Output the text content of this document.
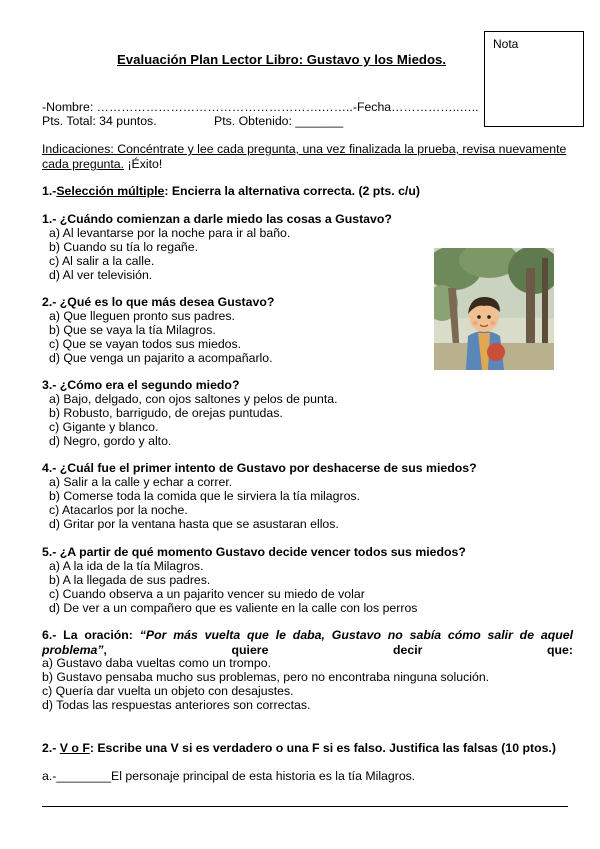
Nota
Evaluación Plan Lector Libro: Gustavo y los Miedos.
-Nombre: ……………………………………………….……..-Fecha……………..…..
Pts. Total: 34 puntos.	Pts. Obtenido: _______
Indicaciones: Concéntrate y lee cada pregunta, una vez finalizada la prueba, revisa nuevamente cada pregunta. ¡Éxito!
1.-Selección múltiple: Encierra la alternativa correcta. (2 pts. c/u)
1.- ¿Cuándo comienzan a darle miedo las cosas a Gustavo?
a) Al levantarse por la noche para ir al baño.
b) Cuando su tía lo regañe.
c) Al salir a la calle.
d) Al ver televisión.
2.- ¿Qué es lo que más desea Gustavo?
a) Que lleguen pronto sus padres.
b) Que se vaya la tía Milagros.
c) Que se vayan todos sus miedos.
d) Que venga un pajarito a acompañarlo.
3.- ¿Cómo era el segundo miedo?
a) Bajo, delgado, con ojos saltones y pelos de punta.
b) Robusto, barrigudo, de orejas puntudas.
c) Gigante y blanco.
d) Negro, gordo y alto.
4.- ¿Cuál fue el primer intento de Gustavo por deshacerse de sus miedos?
a) Salir a la calle y echar a correr.
b) Comerse toda la comida que le sirviera la tía milagros.
c) Atacarlos por la noche.
d) Gritar por la ventana hasta que se asustaran ellos.
5.- ¿A partir de qué momento Gustavo decide vencer todos sus miedos?
a) A la ida de la tía Milagros.
b) A la llegada de sus padres.
c) Cuando observa a un pajarito vencer su miedo de volar
d) De ver a un compañero que es valiente en la calle con los perros
6.- La oración: “Por más vuelta que le daba, Gustavo no sabía cómo salir de aquel problema”, quiere decir que:
a) Gustavo daba vueltas como un trompo.
b) Gustavo pensaba mucho sus problemas, pero no encontraba ninguna solución.
c) Quería dar vuelta un objeto con desajustes.
d) Todas las respuestas anteriores son correctas.
2.- V o F: Escribe una V si es verdadero o una F si es falso. Justifica las falsas (10 ptos.)
a.-________El personaje principal de esta historia es la tía Milagros.
